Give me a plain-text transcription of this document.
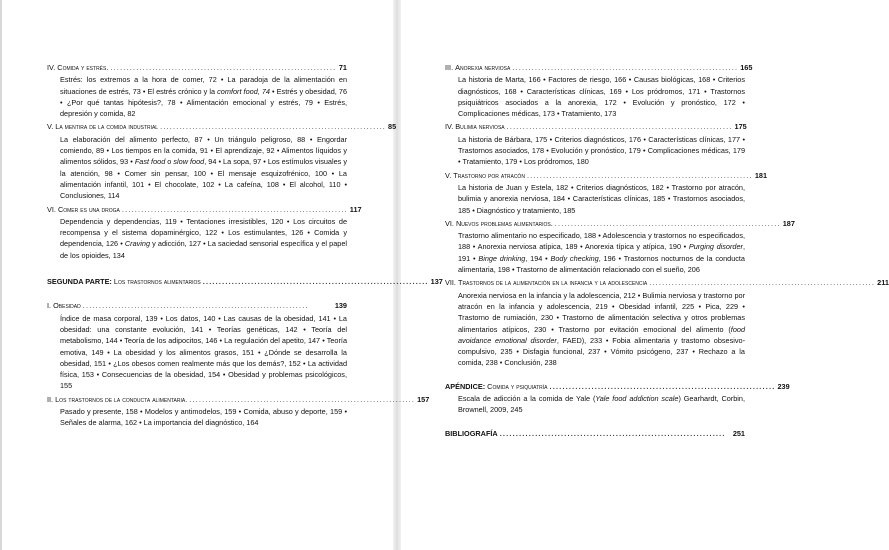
IV.
Comida y estrés. ...................................................................... 71
Estrés: los extremos a la hora de comer, 72 • La paradoja de la alimentación en situaciones de estrés, 73 • El estrés crónico y la comfort food, 74 • Estrés y obesidad, 76 • ¿Por qué tantas hipótesis?, 78 • Alimentación emocional y estrés, 79 • Estrés, depresión y comida, 82
V.
La mentira de la comida industrial ...................................................................... 85
La elaboración del alimento perfecto, 87 • Un triángulo peligroso, 88 • Engordar comiendo, 89 • Los tiempos en la comida, 91 • El aprendizaje, 92 • Alimentos líquidos y alimentos sólidos, 93 • Fast food o slow food, 94 • La sopa, 97 • Los estímulos visuales y la atención, 98 • Comer sin pensar, 100 • El mensaje esquizofrénico, 100 • La alimentación infantil, 101 • El chocolate, 102 • La cafeína, 108 • El alcohol, 110 • Conclusiones, 114
VI.
Comer es una droga ...................................................................... 117
Dependencia y dependencias, 119 • Tentaciones irresistibles, 120 • Los circuitos de recompensa y el sistema dopaminérgico, 122 • Los estimulantes, 126 • Comida y dependencia, 126 • Craving y adicción, 127 • La saciedad sensorial específica y el papel de los opioides, 134
SEGUNDA PARTE:
Los trastornos alimentarios ...................................................................... 137
I.
Obesidad ......................................................................	139
Índice de masa corporal, 139 • Los datos, 140 • Las causas de la obesidad, 141 • La obesidad: una constante evolución, 141 • Teorías genéticas, 142 • Teoría del metabolismo, 144 • Teoría de los adipocitos, 146 • La regulación del apetito, 147 • Teoría emotiva, 149 • La obesidad y los alimentos grasos, 151 • ¿Dónde se desarrolla la obesidad, 151 • ¿Los obesos comen realmente más que los demás?, 152 • La actividad física, 153 • Consecuencias de la obesidad, 154 • Obesidad y problemas psicológicos, 155
II.
Los trastornos de la conducta alimentaria. ...................................................................... 157
Pasado y presente, 158 • Modelos y antimodelos, 159 • Comida, abuso y deporte, 159 • Señales de alarma, 162 • La importancia del diagnóstico, 164
III.
Anorexia nerviosa ...................................................................... 165
La historia de Marta, 166 • Factores de riesgo, 166 • Causas biológicas, 168 • Criterios diagnósticos, 168 • Características clínicas, 169 • Los pródromos, 171 • Trastornos psiquiátricos asociados a la anorexia, 172 • Evolución y pronóstico, 172 • Complicaciones médicas, 173 • Tratamiento, 173
IV.
Bulimia nerviosa ...................................................................... 175
La historia de Bárbara, 175 • Criterios diagnósticos, 176 • Características clínicas, 177 • Trastornos asociados, 178 • Evolución y pronóstico, 179 • Complicaciones médicas, 179 • Tratamiento, 179 • Los pródromos, 180
V.
Trastorno por atracón ...................................................................... 181
La historia de Juan y Estela, 182 • Criterios diagnósticos, 182 • Trastorno por atracón, bulimia y anorexia nerviosa, 184 • Características clínicas, 185 • Trastornos asociados, 185 • Diagnóstico y tratamiento, 185
VI.
Nuevos problemas alimentarios. ...................................................................... 187
Trastorno alimentario no especificado, 188 • Adolescencia y trastornos no especificados, 188 • Anorexia nerviosa atípica, 189 • Anorexia típica y atípica, 190 • Purging disorder, 191 • Binge drinking, 194 • Body checking, 196 • Trastornos nocturnos de la conducta alimentaria, 198 • Trastorno de alimentación relacionado con el sueño, 206
VII.
Trastornos de la alimentación en la infancia y la adolescencia ...................................................................... 211
Anorexia nerviosa en la infancia y la adolescencia, 212 • Bulimia nerviosa y trastorno por atracón en la infancia y adolescencia, 219 • Obesidad infantil, 225 • Pica, 229 • Trastorno de rumiación, 230 • Trastorno de alimentación selectiva y otros problemas alimentarios atípicos, 230 • Trastorno por evitación emocional del alimento (food avoidance emotional disorder, FAED), 233 • Fobia alimentaria y trastorno obsesivo-compulsivo, 235 • Disfagia funcional, 237 • Vómito psicógeno, 237 • Rechazo a la comida, 238 • Conclusión, 238
APÉNDICE:
Comida y psiquiatría ...................................................................... 239
Escala de adicción a la comida de Yale (Yale food addiction scale) Gearhardt, Corbin, Brownell, 2009, 245
BIBLIOGRAFÍA ...................................................................... 251
